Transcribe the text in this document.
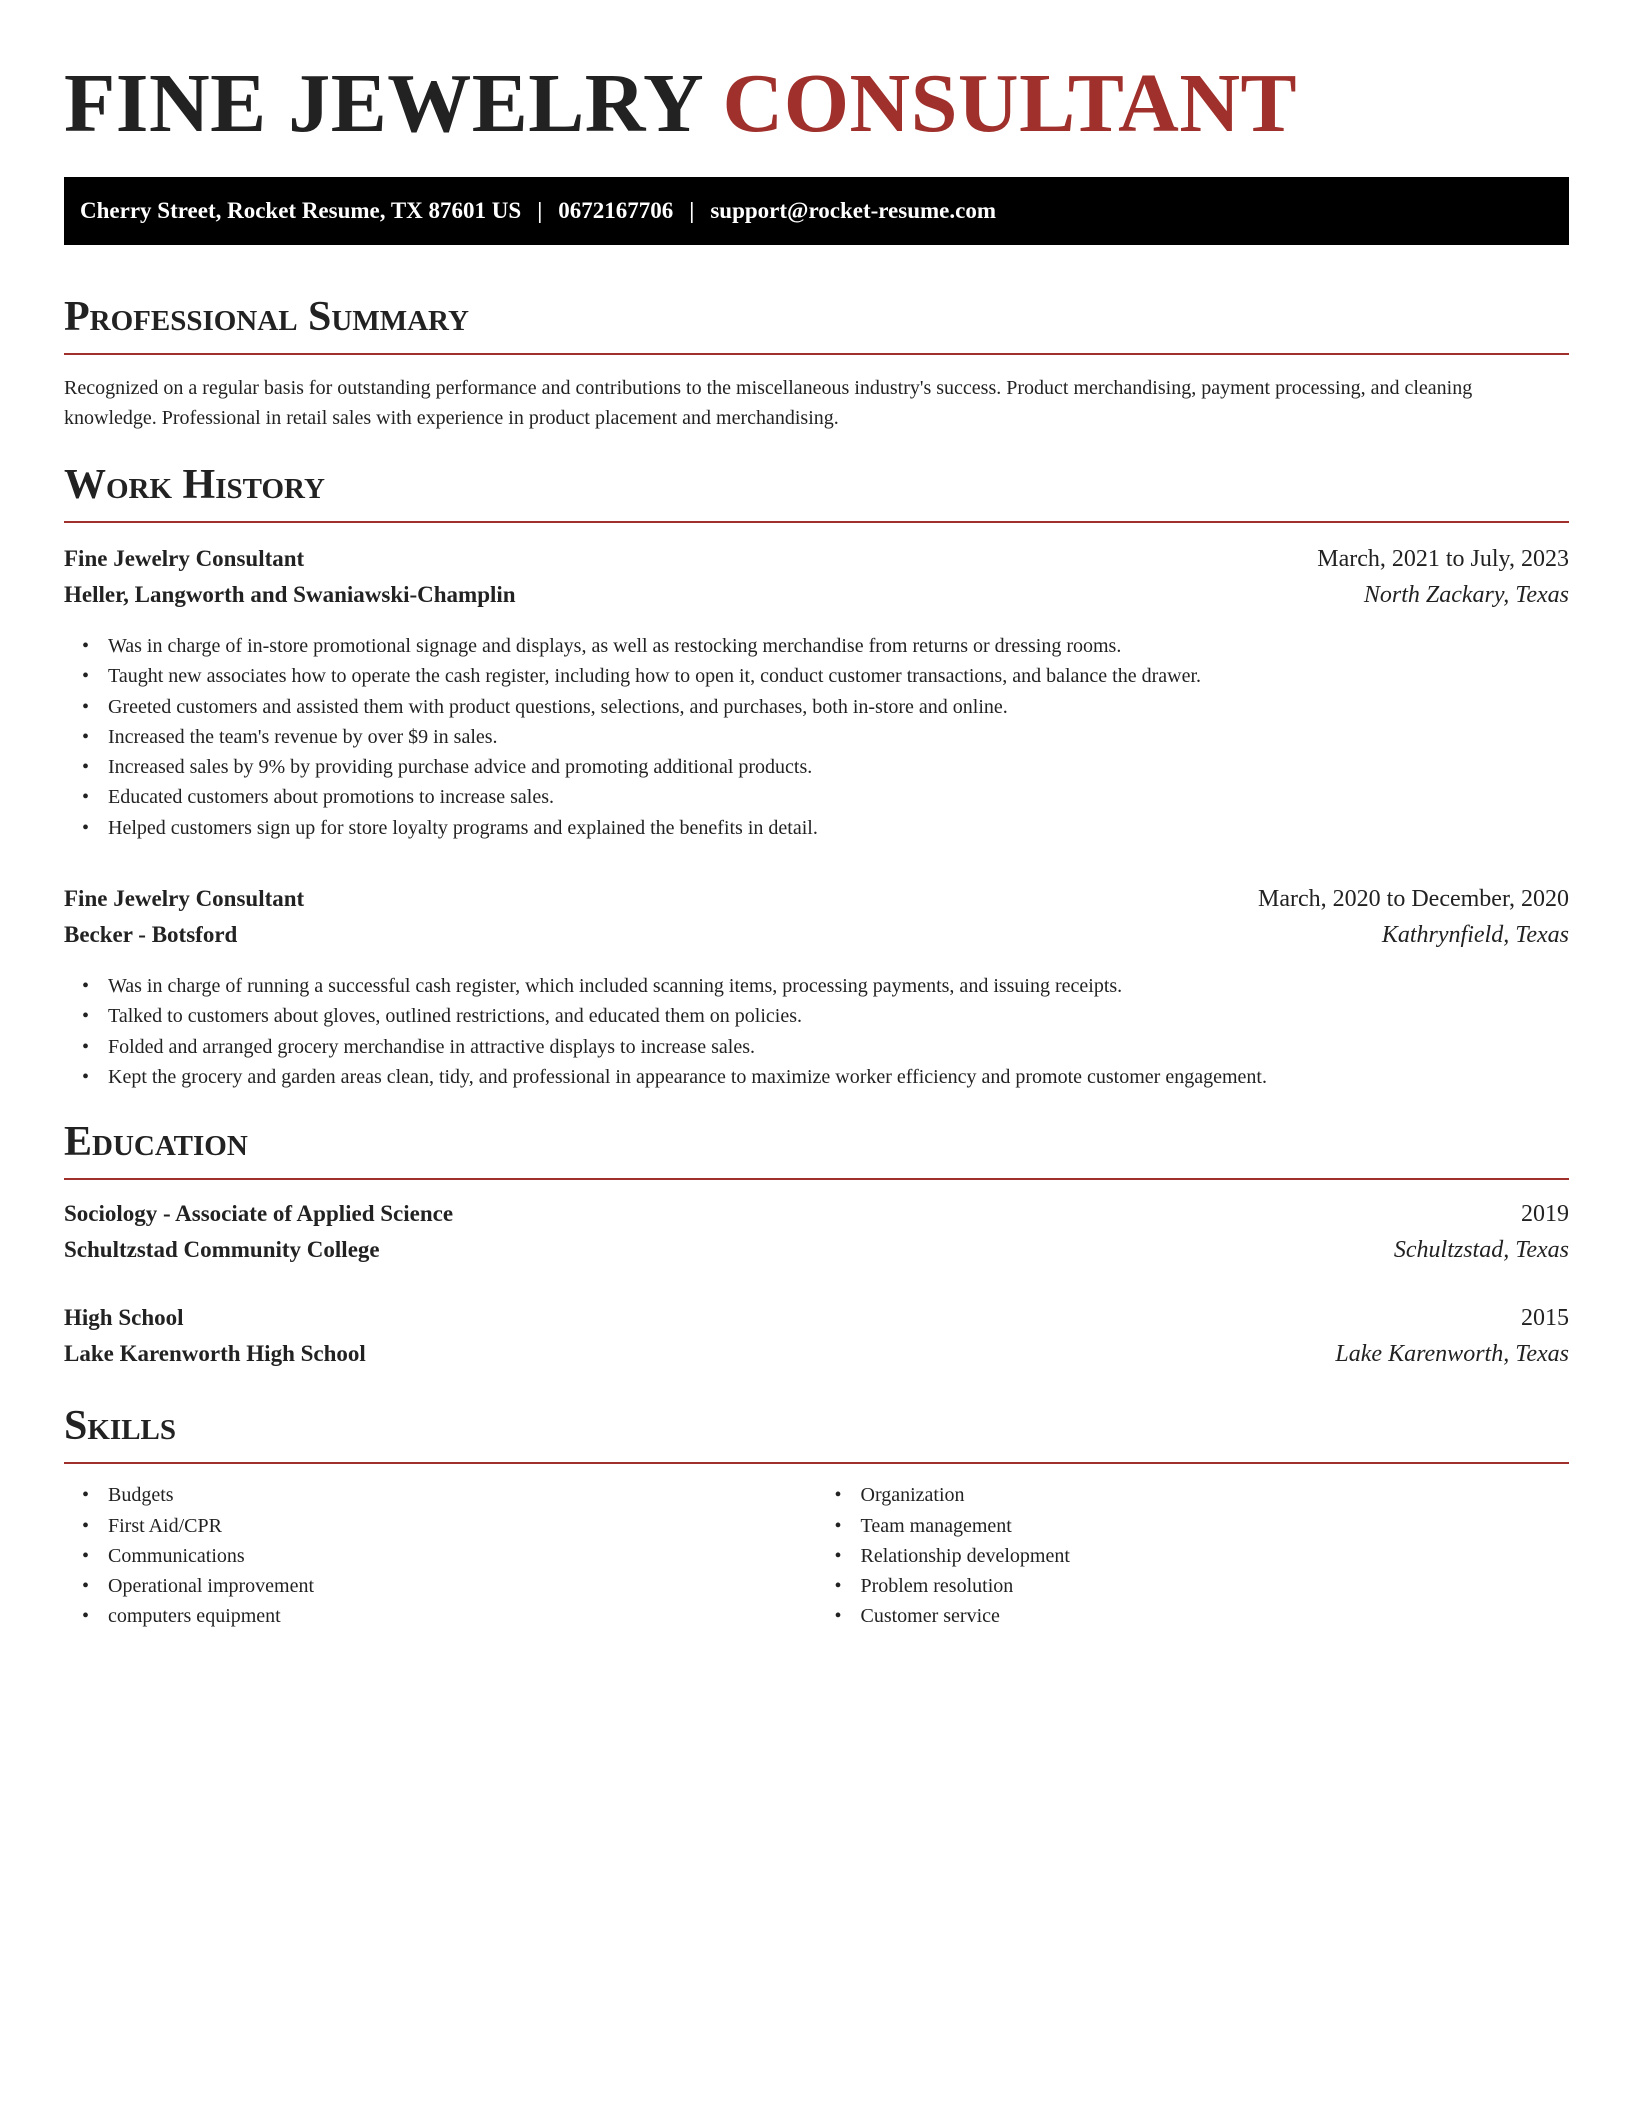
FINE JEWELRY CONSULTANT
Cherry Street, Rocket Resume, TX 87601 US | 0672167706 | support@rocket-resume.com
Professional Summary

Recognized on a regular basis for outstanding performance and contributions to the miscellaneous industry's success. Product merchandising, payment processing, and cleaning knowledge. Professional in retail sales with experience in product placement and merchandising.

Work History
Fine Jewelry Consultant	March, 2021 to July, 2023
Heller, Langworth and Swaniawski-Champlin	North Zackary, Texas
• Was in charge of in-store promotional signage and displays, as well as restocking merchandise from returns or dressing rooms.
• Taught new associates how to operate the cash register, including how to open it, conduct customer transactions, and balance the drawer.
• Greeted customers and assisted them with product questions, selections, and purchases, both in-store and online.
• Increased the team's revenue by over $9 in sales.
• Increased sales by 9% by providing purchase advice and promoting additional products.
• Educated customers about promotions to increase sales.
• Helped customers sign up for store loyalty programs and explained the benefits in detail.
Fine Jewelry Consultant	March, 2020 to December, 2020
Becker - Botsford	Kathrynfield, Texas
• Was in charge of running a successful cash register, which included scanning items, processing payments, and issuing receipts.
• Talked to customers about gloves, outlined restrictions, and educated them on policies.
• Folded and arranged grocery merchandise in attractive displays to increase sales.
• Kept the grocery and garden areas clean, tidy, and professional in appearance to maximize worker efficiency and promote customer engagement.
Education
Sociology - Associate of Applied Science	2019
Schultzstad Community College	Schultzstad, Texas
High School	2015
Lake Karenworth High School	Lake Karenworth, Texas
Skills
• Budgets
• First Aid/CPR
• Communications
• Operational improvement
• computers equipment
• Organization
• Team management
• Relationship development
• Problem resolution
• Customer service
